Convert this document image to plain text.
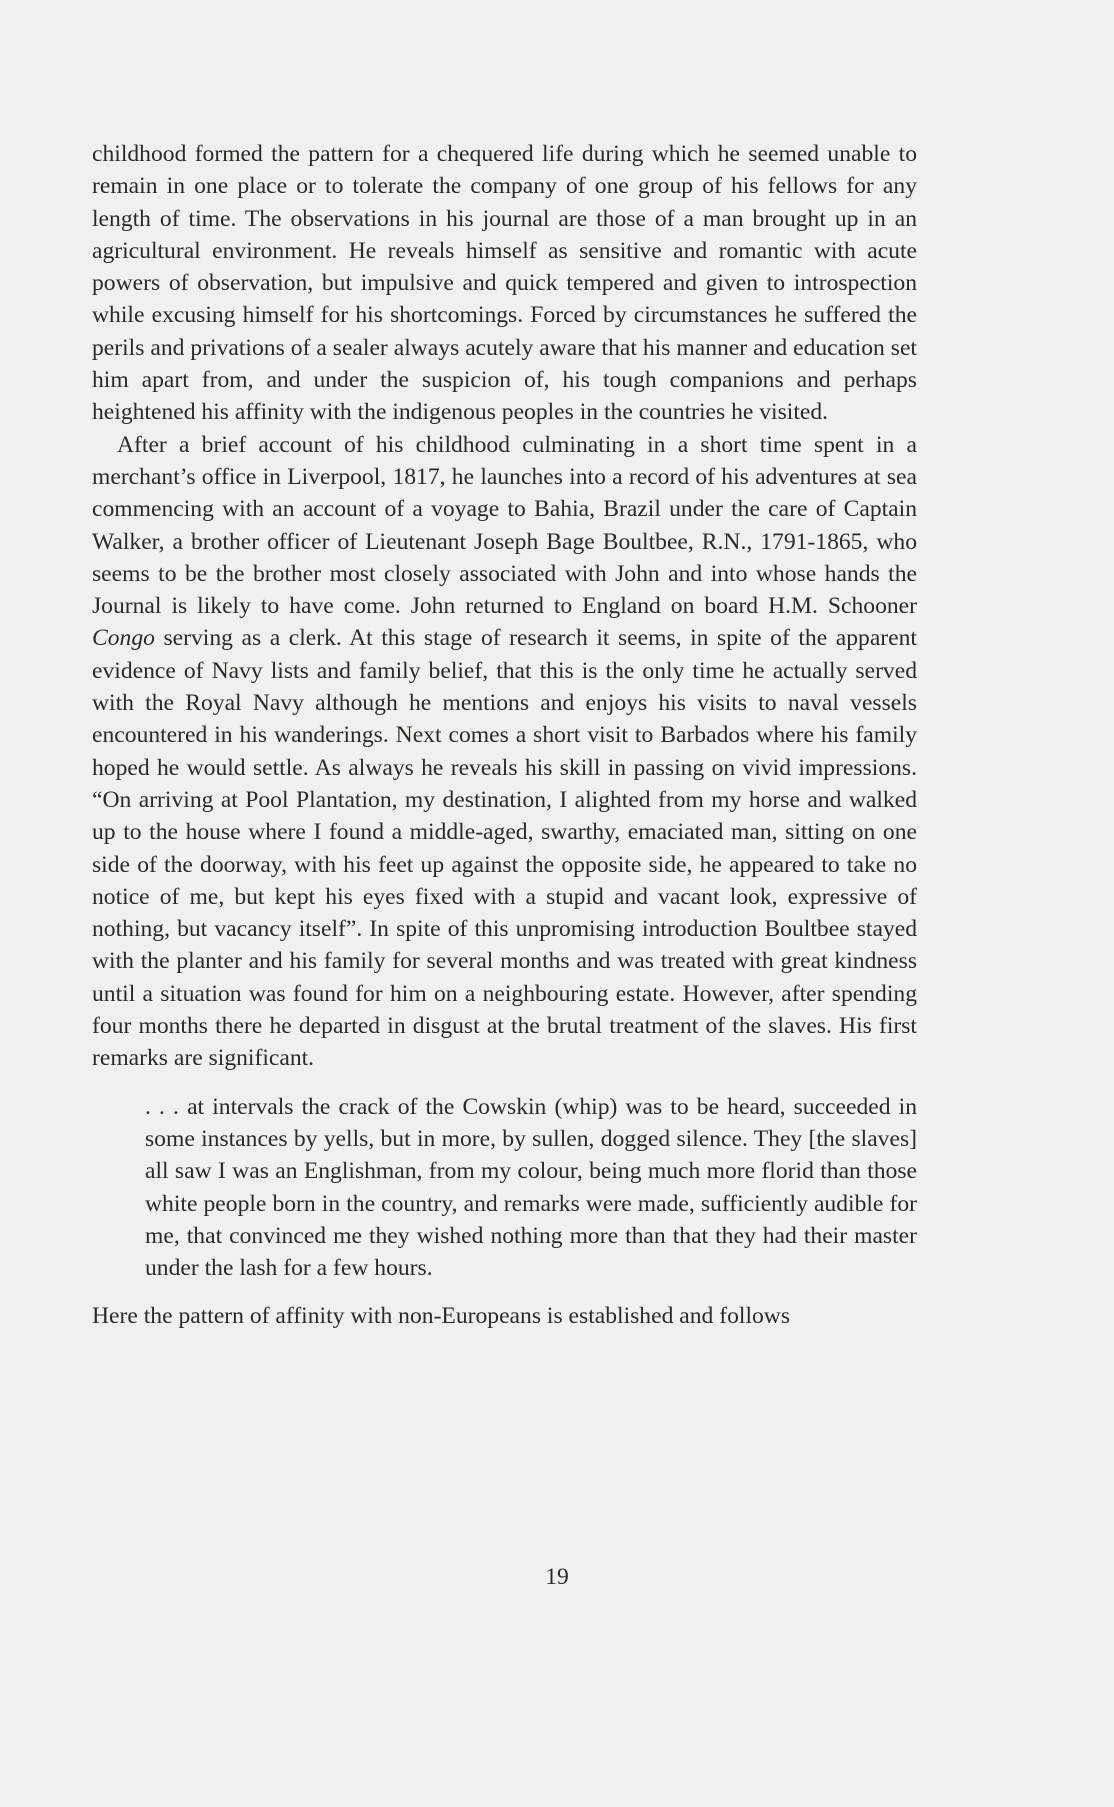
childhood formed the pattern for a chequered life during which he seemed unable to remain in one place or to tolerate the company of one group of his fellows for any length of time. The observations in his journal are those of a man brought up in an agricultural environment. He reveals himself as sensitive and romantic with acute powers of observation, but impulsive and quick tempered and given to introspection while excusing himself for his shortcomings. Forced by circumstances he suffered the perils and privations of a sealer always acutely aware that his manner and education set him apart from, and under the suspicion of, his tough companions and perhaps heightened his affinity with the indigenous peoples in the countries he visited.

After a brief account of his childhood culminating in a short time spent in a merchant’s office in Liverpool, 1817, he launches into a record of his adventures at sea commencing with an account of a voyage to Bahia, Brazil under the care of Captain Walker, a brother officer of Lieutenant Joseph Bage Boultbee, R.N., 1791-1865, who seems to be the brother most closely associated with John and into whose hands the Journal is likely to have come. John returned to England on board H.M. Schooner Congo serving as a clerk. At this stage of research it seems, in spite of the apparent evidence of Navy lists and family belief, that this is the only time he actually served with the Royal Navy although he mentions and enjoys his visits to naval vessels encountered in his wanderings. Next comes a short visit to Barbados where his family hoped he would settle. As always he reveals his skill in passing on vivid impressions. “On arriving at Pool Plantation, my destination, I alighted from my horse and walked up to the house where I found a middle-aged, swarthy, emaciated man, sitting on one side of the doorway, with his feet up against the opposite side, he appeared to take no notice of me, but kept his eyes fixed with a stupid and vacant look, expressive of nothing, but vacancy itself”. In spite of this unpromising introduction Boultbee stayed with the planter and his family for several months and was treated with great kindness until a situation was found for him on a neighbouring estate. However, after spending four months there he departed in disgust at the brutal treatment of the slaves. His first remarks are significant.

. . . at intervals the crack of the Cowskin (whip) was to be heard, succeeded in some instances by yells, but in more, by sullen, dogged silence. They [the slaves] all saw I was an Englishman, from my colour, being much more florid than those white people born in the country, and remarks were made, sufficiently audible for me, that convinced me they wished nothing more than that they had their master under the lash for a few hours.

Here the pattern of affinity with non-Europeans is established and follows

19
